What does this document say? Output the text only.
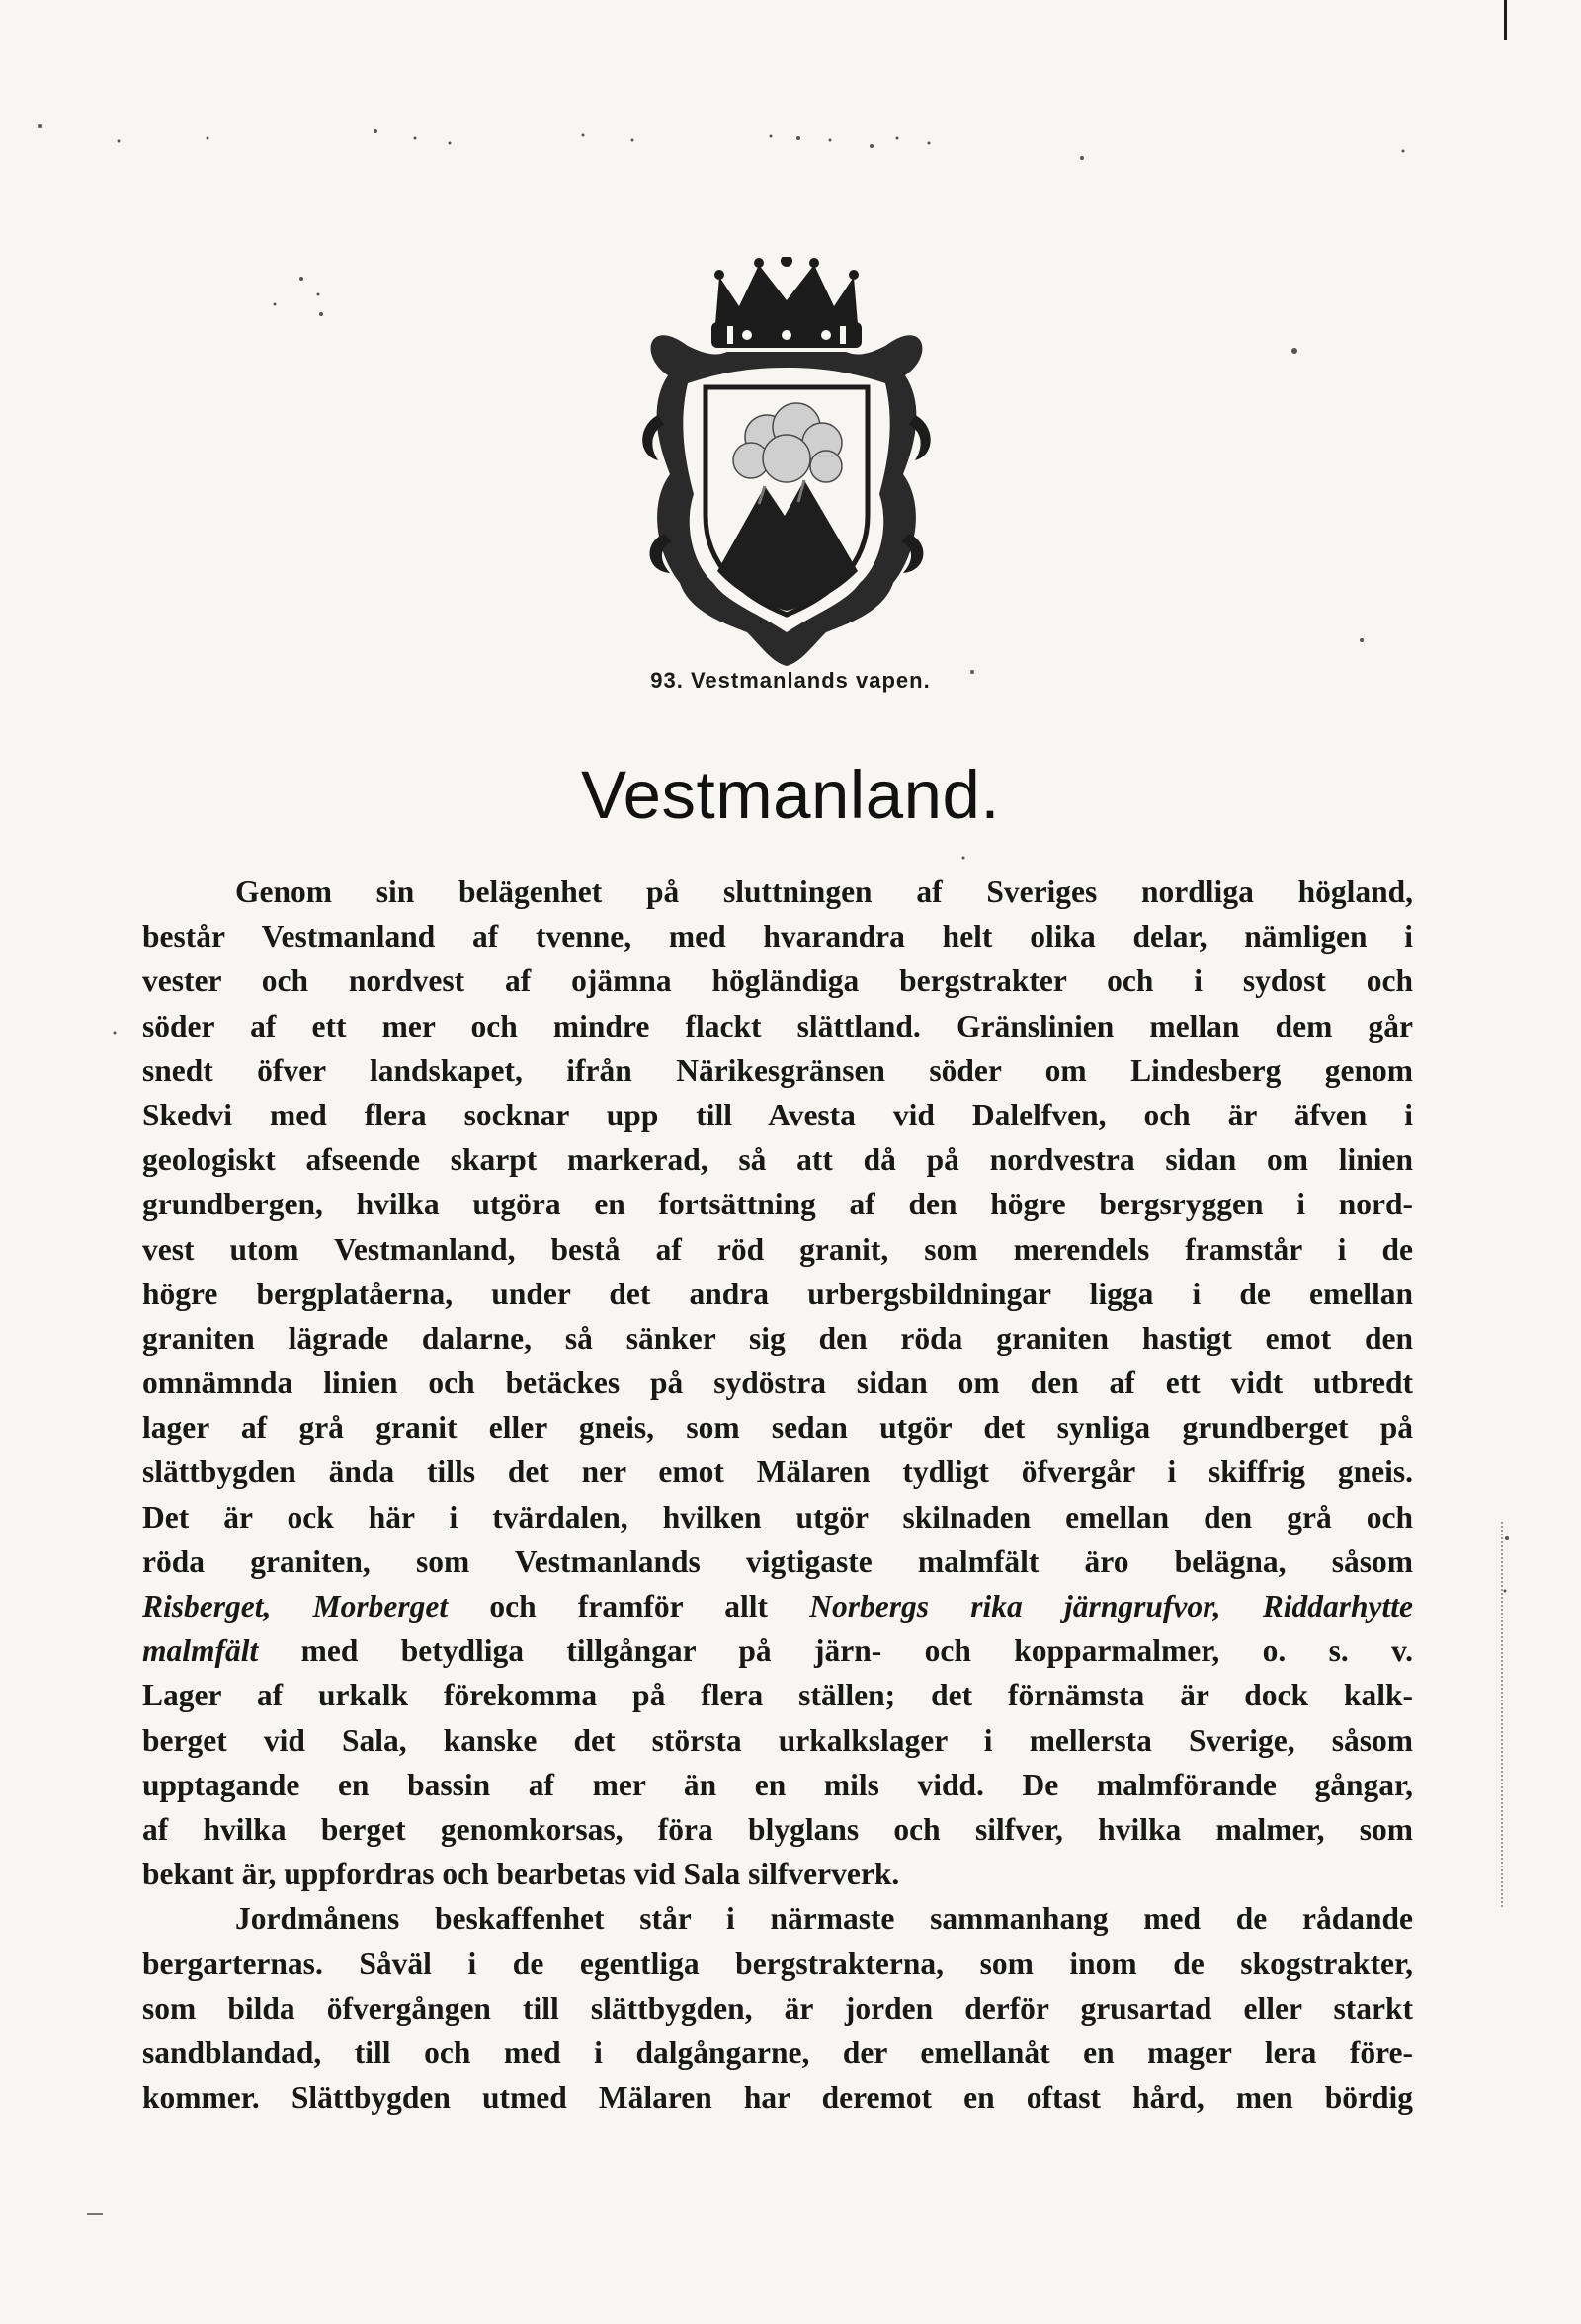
93. Vestmanlands vapen.
Vestmanland.
Genom sin belägenhet på sluttningen af Sveriges nordliga högland,
består Vestmanland af tvenne, med hvarandra helt olika delar, nämligen i
vester och nordvest af ojämna högländiga bergstrakter och i sydost och
söder af ett mer och mindre flackt slättland. Gränslinien mellan dem går
snedt öfver landskapet, ifrån Närikesgränsen söder om Lindesberg genom
Skedvi med flera socknar upp till Avesta vid Dalelfven, och är äfven i
geologiskt afseende skarpt markerad, så att då på nordvestra sidan om linien
grundbergen, hvilka utgöra en fortsättning af den högre bergsryggen i nord-
vest utom Vestmanland, bestå af röd granit, som merendels framstår i de
högre bergplatåerna, under det andra urbergsbildningar ligga i de emellan
graniten lägrade dalarne, så sänker sig den röda graniten hastigt emot den
omnämnda linien och betäckes på sydöstra sidan om den af ett vidt utbredt
lager af grå granit eller gneis, som sedan utgör det synliga grundberget på
slättbygden ända tills det ner emot Mälaren tydligt öfvergår i skiffrig gneis.
Det är ock här i tvärdalen, hvilken utgör skilnaden emellan den grå och
röda graniten, som Vestmanlands vigtigaste malmfält äro belägna, såsom
Risberget, Morberget och framför allt Norbergs rika järngrufvor, Riddarhytte
malmfält med betydliga tillgångar på järn- och kopparmalmer, o. s. v.
Lager af urkalk förekomma på flera ställen; det förnämsta är dock kalk-
berget vid Sala, kanske det största urkalkslager i mellersta Sverige, såsom
upptagande en bassin af mer än en mils vidd. De malmförande gångar,
af hvilka berget genomkorsas, föra blyglans och silfver, hvilka malmer, som
bekant är, uppfordras och bearbetas vid Sala silfververk.
Jordmånens beskaffenhet står i närmaste sammanhang med de rådande
bergarternas. Såväl i de egentliga bergstrakterna, som inom de skogstrakter,
som bilda öfvergången till slättbygden, är jorden derför grusartad eller starkt
sandblandad, till och med i dalgångarne, der emellanåt en mager lera före-
kommer. Slättbygden utmed Mälaren har deremot en oftast hård, men bördig
